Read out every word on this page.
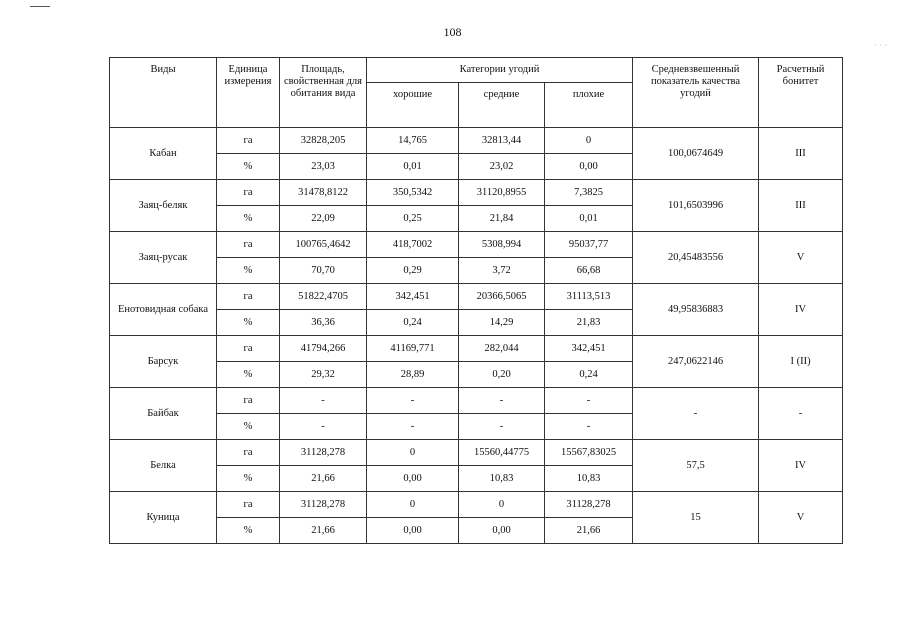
108
· · ·
Виды	Единица измерения	Площадь, свойственная для обитания вида	Категории угодий			Средневзвешенный показатель качества угодий	Расчетный бонитет
			хорошие	средние	плохие		
Кабан	га	32828,205	14,765	32813,44	0	100,0674649	III
	%	23,03	0,01	23,02	0,00		
Заяц-беляк	га	31478,8122	350,5342	31120,8955	7,3825	101,6503996	III
	%	22,09	0,25	21,84	0,01		
Заяц-русак	га	100765,4642	418,7002	5308,994	95037,77	20,45483556	V
	%	70,70	0,29	3,72	66,68		
Енотовидная собака	га	51822,4705	342,451	20366,5065	31113,513	49,95836883	IV
	%	36,36	0,24	14,29	21,83		
Барсук	га	41794,266	41169,771	282,044	342,451	247,0622146	I (II)
	%	29,32	28,89	0,20	0,24		
Байбак	га	-	-	-	-	-	-
	%	-	-	-	-		
Белка	га	31128,278	0	15560,44775	15567,83025	57,5	IV
	%	21,66	0,00	10,83	10,83		
Куница	га	31128,278	0	0	31128,278	15	V
	%	21,66	0,00	0,00	21,66		
